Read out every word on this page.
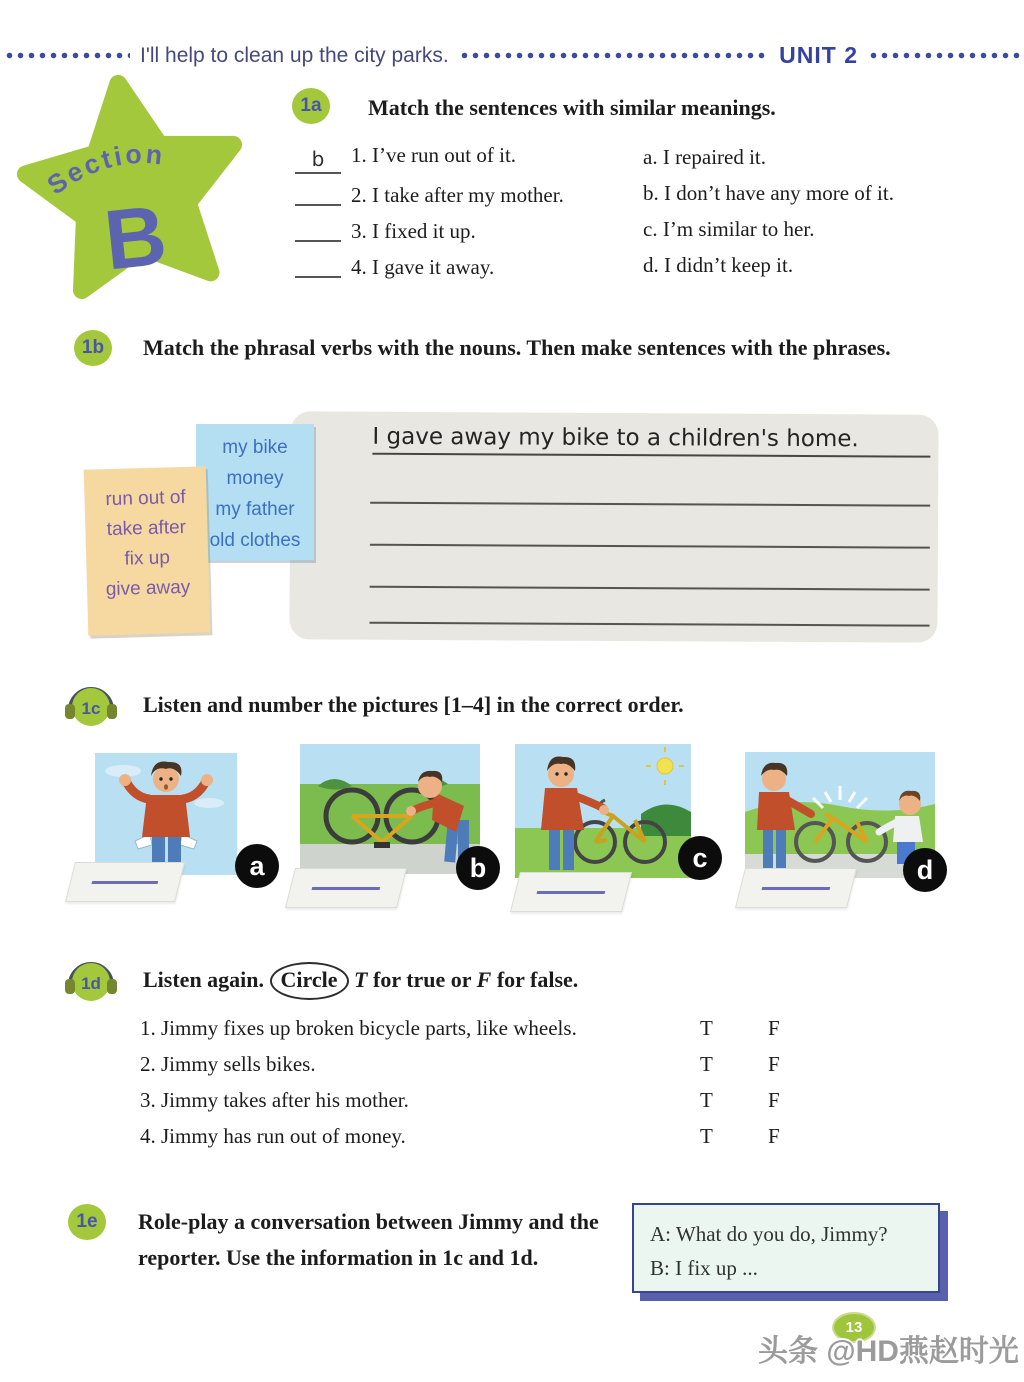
I'll help to clean up the city parks.	UNIT 2
Section
B
1a	Match the sentences with similar meanings.
b 1. I’ve run out of it.
2. I take after my mother.
3. I fixed it up.
4. I gave it away.
a. I repaired it.
b. I don’t have any more of it.
c. I’m similar to her.
d. I didn’t keep it.
1b	Match the phrasal verbs with the nouns. Then make sentences with the phrases.
I gave away my bike to a children's home.
my bike
money
my father
old clothes
run out of
take after
fix up
give away
1c Listen and number the pictures [1–4] in the correct order.
a	b	c	d
1d Listen again. Circle T for true or F for false.
1. Jimmy fixes up broken bicycle parts, like wheels.	T	F
2. Jimmy sells bikes.	T	F
3. Jimmy takes after his mother.	T	F
4. Jimmy has run out of money.	T	F
1e	Role-play a conversation between Jimmy and the reporter. Use the information in 1c and 1d.
A: What do you do, Jimmy?
B: I fix up ...
13
头条 @HD燕赵时光
